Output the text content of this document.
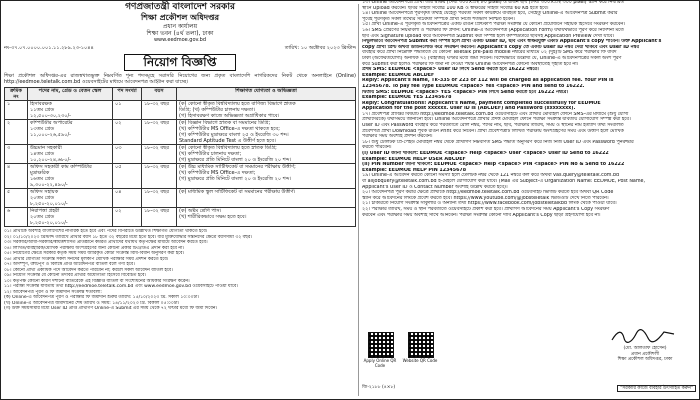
গণপ্রজাতন্ত্রী বাংলাদেশ সরকার
শিক্ষা প্রকৌশল অধিদপ্তর
প্রধান কার্যালয়
শিক্ষা ভবন (৪র্থ তলা), ঢাকা
www.eedmoe.gov.bd
নং-৩৭.০৭.০০০০.০০১.১১.২৮৯.২৩-১০৪৪	তারিখ: ১০ অক্টোবর ২০২৩ খ্রিস্টাব্দ
নিয়োগ বিজ্ঞপ্তি
শিক্ষা প্রকৌশল অধিদপ্তর-এর রাজস্বখাতভুক্ত নিম্নবর্ণিত শূন্য পদসমূহে সরাসরি নিয়োগের জন্য প্রকৃত বাংলাদেশি নাগরিকদের নিকট থেকে অনলাইনে (Online) http://eedmoe.teletalk.com.bd ওয়েবসাইটের মাধ্যমে আবেদনপত্র আহ্বান করা যাচ্ছে।
ক্রমিক নং	পদের নাম, গ্রেড ও বেতন স্কেল	পদ সংখ্যা	বয়স	শিক্ষাগত যোগ্যতা ও অভিজ্ঞতা
১	হিসাবরক্ষক
১১তম গ্রেড
১২,৫০০-৩০,২৩০/-	০১	১৮-৩২ বছর	(ক) কোনো স্বীকৃত বিশ্ববিদ্যালয় হতে বাণিজ্য বিভাগে স্নাতক
ডিগ্রি; (খ) কম্পিউটার চালনায় দক্ষতা।
(গ) হিসাবরক্ষণ কাজে অভিজ্ঞতা অগ্রাধিকার পাবে।

২	কম্পিউটার অপারেটর
১৩তম গ্রেড
১১,০০০-২৬,৫৯০/-	০২	১৮-৩২ বছর	(ক) বিজ্ঞান বিভাগে স্নাতক বা সমমানের ডিগ্রি;
(খ) কম্পিউটার MS Office-এ দক্ষতা থাকতে হবে;
(গ) কম্পিউটার মুদ্রাক্ষরে বাংলা ২৫ ও ইংরেজি ৩০ শব্দ।
Standard Aptitude Test এ উত্তীর্ণ হতে হবে।

৩	উচ্চমান সহকারী
১৪তম গ্রেড
১০,২০০-২৪,৬৮০/-	০৩	১৮-৩২ বছর	(ক) কোনো স্বীকৃত বিশ্ববিদ্যালয় হতে স্নাতক ডিগ্রি;
(খ) কম্পিউটার চালনায় দক্ষতা;
(গ) মুদ্রাক্ষরে প্রতি মিনিটে বাংলা ২০ ও ইংরেজি ২০ শব্দ।

৪	অফিস সহকারী কাম কম্পিউটার মুদ্রাক্ষরিক
১৬তম গ্রেড
৯,৩০০-২২,৪৯০/-	০৫	১৮-৩২ বছর	(ক) উচ্চ মাধ্যমিক সার্টিফিকেট বা সমমানের পরীক্ষায় উত্তীর্ণ;
(খ) কম্পিউটার MS Office-এ দক্ষতা;
(গ) মুদ্রাক্ষরে প্রতি মিনিটে বাংলা ২০ ও ইংরেজি ২০ শব্দ।

৫	অফিস সহায়ক
২০তম গ্রেড
৮,২৫০-২০,০১০/-	০৪	১৮-৩২ বছর	(ক) মাধ্যমিক স্কুল সার্টিফিকেট বা সমমানের পরীক্ষায় উত্তীর্ণ।

৬	নিরাপত্তা প্রহরী
২০তম গ্রেড
৮,২৫০-২০,০১০/-	০২	১৮-৩২ বছর	(ক) অষ্টম শ্রেণি পাস।
(খ) শারীরিকভাবে সক্ষম হতে হবে।
০১। প্রার্থীকে অবশ্যই বাংলাদেশের নাগরিক হতে হবে এবং পদের বিপরীতে উল্লিখিত শিক্ষাগত যোগ্যতা থাকতে হবে।
০২। ০১/১০/২০২৩ খ্রিস্টাব্দ তারিখে প্রার্থীর বয়স ১৮ হতে ৩২ বছরের মধ্যে হতে হবে। বীর মুক্তিযোদ্ধার সন্তানদের ক্ষেত্রে বয়সসীমা ৩২ বছর।
০৩। সরকারি/আধা-সরকারি/স্বায়ত্তশাসিত প্রতিষ্ঠানে কর্মরত প্রার্থীদের যথাযথ কর্তৃপক্ষের মাধ্যমে আবেদন করতে হবে।
০৪। লিখিত/ব্যবহারিক/মৌখিক পরীক্ষায় অংশগ্রহণের জন্য কোনো প্রকার টিএ/ডিএ প্রদান করা হবে না।
০৫। নিয়োগের ক্ষেত্রে সরকার কর্তৃক সময় সময় জারিকৃত কোটা সংক্রান্ত বিধি-বিধান অনুসরণ করা হবে।
০৬। প্রার্থীর যোগ্যতা সংক্রান্ত সকল সনদের মূলকপি মৌখিক পরীক্ষার সময় প্রদর্শন করতে হবে।
০৭। অসম্পূর্ণ, ত্রুটিপূর্ণ ও বিলম্বে প্রাপ্ত আবেদনপত্র বাতিল বলে গণ্য হবে।
০৮। কোনো প্রার্থী একাধিক পদে আবেদন করতে পারবেন না; করলে সকল আবেদন বাতিল হবে।
০৯। নিয়োগ সংক্রান্ত যে কোনো তদবির প্রার্থীর অযোগ্যতা হিসেবে বিবেচিত হবে।
১০। কর্তৃপক্ষ কোনো কারণ দর্শানো ব্যতিরেকে এই বিজ্ঞপ্তি বাতিল বা সংশোধনের অধিকার সংরক্ষণ করেন।
১১। পরীক্ষা সংক্রান্ত যাবতীয় তথ্য http://eedmoe.teletalk.com.bd এবং www.eedmoe.gov.bd ওয়েবসাইটে পাওয়া যাবে।
১২। আবেদনপত্র পূরণ ও ফি জমাদান সংক্রান্ত শর্তাবলী:
(ক) Online-এ আবেদনপত্র পূরণ ও পরীক্ষার ফি জমাদান শুরুর তারিখ: ১৫/১০/২০২৩ খ্রি. সকাল ১০:০০টা।
(খ) Online-এ আবেদনপত্র জমাদানের শেষ তারিখ ও সময়: ১৪/১১/২০২৩ খ্রি. বিকাল ০৫:০০টা।
(গ) উক্ত সময়সীমার মধ্যে User ID প্রাপ্ত প্রার্থীগণ Online-এ Submit এর সময় থেকে ৭২ ঘণ্টার মধ্যে ফি জমা দিবেন।
১৩। Online আবেদনপত্রে প্রার্থী তার স্বাক্ষর (দৈর্ঘ্য ৩০০×প্রস্থ ৮০ pixel) ও রঙিন ছবি (দৈর্ঘ্য ৩০০×প্রস্থ ৩০০ pixel) স্ক্যান করে নির্ধারিত
স্থানে Upload করবেন। ছবির সাইজ সর্বোচ্চ 100 KB ও স্বাক্ষরের সাইজ সর্বোচ্চ 60 KB হতে হবে।
১৪। Online আবেদনপত্রে পূরণকৃত তথ্যই যেহেতু পরবর্তী সকল কার্যক্রমে ব্যবহৃত হবে, সেহেতু Online-এ আবেদনপত্র Submit করার
পূর্বেই পূরণকৃত সকল তথ্যের সঠিকতা সম্পর্কে প্রার্থী নিজে শতভাগ নিশ্চিত হবেন।
১৫। প্রার্থী Online-এ পূরণকৃত আবেদনপত্রের একটি রঙিন প্রিন্টকপি পরীক্ষা সংক্রান্ত যে কোনো প্রয়োজনে সহায়ক হিসেবে সংরক্ষণ করবেন।
১৬। SMS প্রেরণের নিয়মাবলী ও পরীক্ষার ফি প্রদান: Online-এ আবেদনপত্র (Application Form) যথাযথভাবে পূরণ করে নির্দেশনা মতে
ছবি এবং Signature upload করে আবেদনপত্র Submit করা সম্পন্ন হলে কম্পিউটারে ছবিসহ Application Preview দেখা যাবে।
নির্ভুলভাবে আবেদনপত্র Submit করা সম্পন্ন হলে প্রার্থী একটি User ID, ছবি এবং স্বাক্ষরযুক্ত একটি Applicant's copy পাবেন। উক্ত Applicant's
copy প্রার্থী প্রিন্ট অথবা ডাউনলোড করে সংরক্ষণ করবেন। Applicant's copy তে একটি User ID নম্বর দেয়া থাকবে এবং User ID নম্বর
ব্যবহার করে প্রার্থী নিম্নোক্ত পদ্ধতিতে যে কোনো Teletalk pre-paid mobile নম্বরের মাধ্যমে ০২ (দুই)টি SMS করে পরীক্ষার ফি বাবদ
টাকা (অফেরতযোগ্য) অনধিক ৭২ (বাহাত্তর) ঘণ্টার মধ্যে জমা দিবেন। বিশেষভাবে উল্লেখ্য যে, Online-এ আবেদনপত্রের সকল অংশ পূরণ
করে Submit করা হলেও পরীক্ষার ফি জমা না দেওয়া পর্যন্ত Online আবেদনপত্র কোনো অবস্থাতেই গৃহীত হবে না।
প্রথম SMS: EEDMOE <space> User ID লিখে Send করতে হবে 16222 নম্বরে।
Example: EEDMOE ABCDEF
Reply: Applicant's Name, Tk-335 or 223 or 112 will be charged as application fee. Your PIN is
12345678. To pay fee Type EEDMOE <space> Yes <space> PIN and send to 16222.
দ্বিতীয় SMS: EEDMOE <space> YES <space> PIN লিখে Send করতে হবে 16222 নম্বরে।
Example: EEDMOE YES 12345678
Reply: Congratulations! Applicant's Name, payment completed successfully for EEDMOE
Application for the post xxxxxx. User ID is (ABCDEF) and Password (xxxxxxxx).
১৭। প্রবেশপত্র প্রাপ্তির বিষয়টি http://eedmoe.teletalk.com.bd ওয়েবসাইটে এবং প্রার্থীর মোবাইল ফোনে SMS-এর মাধ্যমে (শুধু যোগ্য
প্রার্থীদেরকে) যথাসময়ে জানানো হবে। Online আবেদনপত্রে প্রার্থীর প্রদত্ত মোবাইল ফোনে পরীক্ষা সংক্রান্ত যাবতীয় যোগাযোগ সম্পন্ন করা হবে।
User ID এবং Password ব্যবহার করে পরবর্তীতে রোল নম্বর, পদের নাম, ছবি, পরীক্ষার তারিখ, সময় ও স্থানের নাম ইত্যাদি তথ্য সংবলিত
প্রবেশপত্র প্রার্থী Download পূর্বক রঙিন Print করে নিবেন। প্রার্থী প্রবেশপত্রটি লিখিত পরীক্ষায় অংশগ্রহণের সময় এবং উত্তীর্ণ হলে মৌখিক
পরীক্ষার সময় অবশ্যই প্রদর্শন করবেন।
১৮। শুধু টেলিটক প্রি-পেইড মোবাইল নম্বর থেকে প্রার্থীগণ নিম্নবর্ণিত SMS পদ্ধতি অনুসরণ করে নিজ নিজ User ID এবং Password পুনরুদ্ধার
করতে পারবেন।
(i) User ID জানা থাকলে: EEDMOE <space> Help <space> User <space> User ID Send to 16222
Example: EEDMOE HELP USER ABCDEF
(ii) PIN Number জানা থাকলে: EEDMOE <space> Help <space> PIN <space> PIN No & Send to 16222
Example: EEDMOE HELP PIN 12345678
১৯। Online-এ আবেদন করতে কোনো সমস্যা হলে টেলিটক নম্বর থেকে 121 নম্বরে কল করে অথবা vas.query@teletalk.com.bd
বা alljobquery@teletalk.com.bd ই-মেইলে যোগাযোগ করা যাবে। (Mail এর Subject-এ Organization Name: EEDMOE, Post Name,
Applicant's User ID ও Contact Number অবশ্যই উল্লেখ করতে হবে)।
২০। আবেদনপত্র পূরণ করার ক্ষেত্রে প্রার্থীকে http://eedmoe.teletalk.com.bd ওয়েবসাইট ভিজিট করতে হবে অথবা QR Code
স্ক্যান করে আবেদনের লিংকে প্রবেশ করতে হবে। https://www.youtube.com/@jobsteletalk ভিডিওটি দেখে নিতে পারবেন।
২১। চাকরিতে নিয়োগ সংক্রান্ত সার্কুলার ও অন্যান্য তথ্য https://www.facebook.com/jobsteletalkbd লিংক থেকে পাওয়া যাবে।
২২। পরীক্ষার তারিখ, সময় ও স্থান পরবর্তীতে ওয়েবসাইটে প্রকাশ করা হবে। প্রার্থীগণ আবেদনের সময় Applicant's Copy সংরক্ষণ
করবেন এবং পরীক্ষার সময় অবশ্যই সাথে আনবেন। পরীক্ষা সংক্রান্ত কোনো দাবি Applicant's Copy ছাড়া গ্রহণযোগ্য হবে না।
Apply Online QR Code
Website QR Code
(মো. আলতাফ হোসেন)
প্রধান প্রকৌশলী
শিক্ষা প্রকৌশল অধিদপ্তর, ঢাকা
জি-২১৮৮ (৪×৮)	"সরকারি কাজে ব্যবহার উৎসাহিত করুন"
